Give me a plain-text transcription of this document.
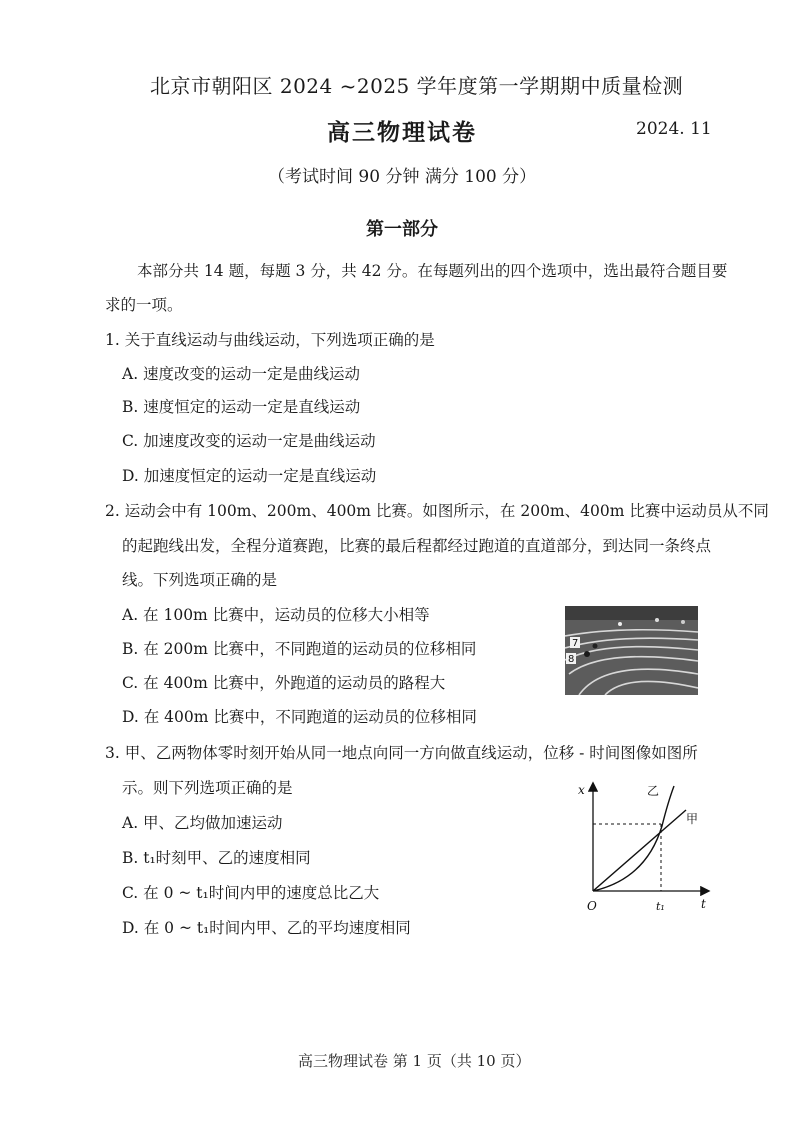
北京市朝阳区 2024 ~2025 学年度第一学期期中质量检测
高三物理试卷	2024. 11
（考试时间 90 分钟 满分 100 分）
第一部分
本部分共 14 题，每题 3 分，共 42 分。在每题列出的四个选项中，选出最符合题目要
求的一项。
1. 关于直线运动与曲线运动，下列选项正确的是
A. 速度改变的运动一定是曲线运动
B. 速度恒定的运动一定是直线运动
C. 加速度改变的运动一定是曲线运动
D. 加速度恒定的运动一定是直线运动
2. 运动会中有 100m、200m、400m 比赛。如图所示，在 200m、400m 比赛中运动员从不同
的起跑线出发，全程分道赛跑，比赛的最后程都经过跑道的直道部分，到达同一条终点
线。下列选项正确的是
A. 在 100m 比赛中，运动员的位移大小相等
B. 在 200m 比赛中，不同跑道的运动员的位移相同
C. 在 400m 比赛中，外跑道的运动员的路程大
D. 在 400m 比赛中，不同跑道的运动员的位移相同
7
8
3. 甲、乙两物体零时刻开始从同一地点向同一方向做直线运动，位移 - 时间图像如图所
示。则下列选项正确的是
A. 甲、乙均做加速运动
B. t₁时刻甲、乙的速度相同
C. 在 0 ~ t₁时间内甲的速度总比乙大
D. 在 0 ~ t₁时间内甲、乙的平均速度相同
x
t
O	t₁
乙
甲
高三物理试卷 第 1 页（共 10 页）
